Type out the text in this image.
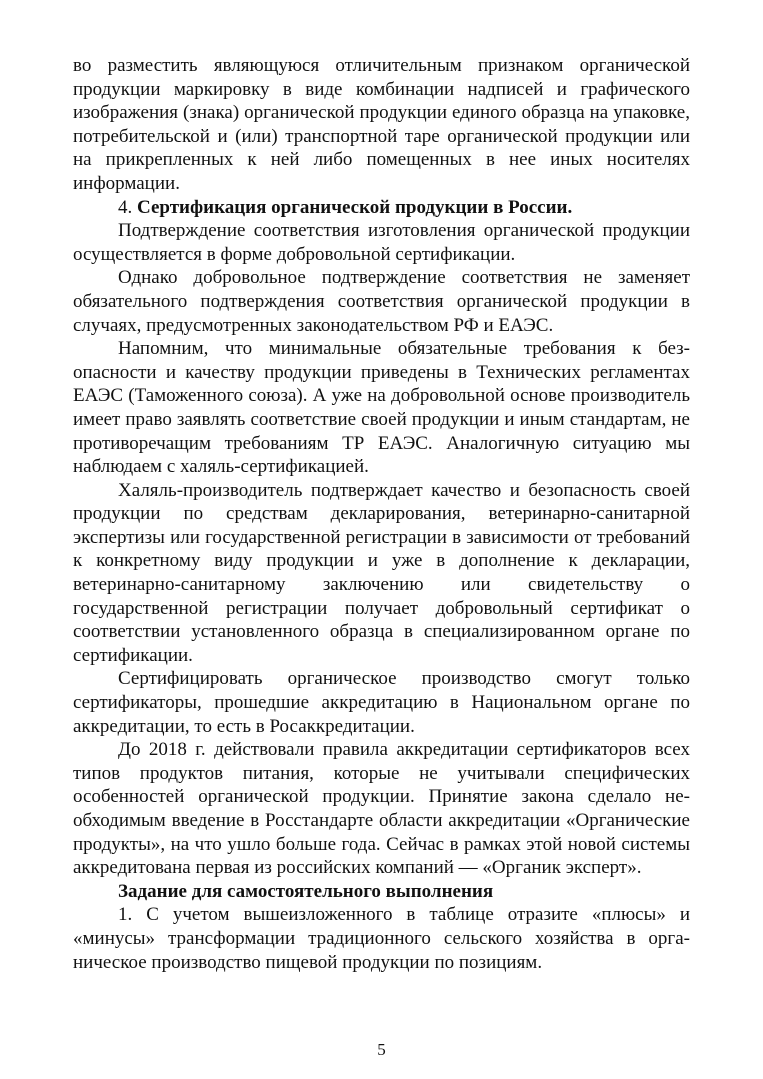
во разместить являющуюся отличительным признаком органической продукции маркировку в виде комбинации надписей и графического изображения (знака) органической продукции единого образца на упаковке, потребительской и (или) транспортной таре органической продукции или на прикрепленных к ней либо помещенных в нее иных носителях информации.

4. Сертификация органической продукции в России.

Подтверждение соответствия изготовления органической продукции осуществляется в форме добровольной сертификации.

Однако добровольное подтверждение соответствия не заменяет обязательного подтверждения соответствия органической продукции в случаях, предусмотренных законодательством РФ и ЕАЭС.

Напомним, что минимальные обязательные требования к безопасности и качеству продукции приведены в Технических регламентах ЕАЭС (Таможенного союза). А уже на добровольной основе производитель имеет право заявлять соответствие своей продукции и иным стандартам, не противоречащим требованиям ТР ЕАЭС. Аналогичную ситуацию мы наблюдаем с халяль-сертификацией.

Халяль-производитель подтверждает качество и безопасность своей продукции по средствам декларирования, ветеринарно-санитарной экспертизы или государственной регистрации в зависимости от требований к конкретному виду продукции и уже в дополнение к декларации, ветеринарно-санитарному заключению или свидетельству о государственной регистрации получает добровольный сертификат о соответствии установленного образца в специализированном органе по сертификации.

Сертифицировать органическое производство смогут только сертификаторы, прошедшие аккредитацию в Национальном органе по аккредитации, то есть в Росаккредитации.

До 2018 г. действовали правила аккредитации сертификаторов всех типов продуктов питания, которые не учитывали специфических особенностей органической продукции. Принятие закона сделало необходимым введение в Росстандарте области аккредитации «Органические продукты», на что ушло больше года. Сейчас в рамках этой новой системы аккредитована первая из российских компаний — «Органик эксперт».

Задание для самостоятельного выполнения

1. С учетом вышеизложенного в таблице отразите «плюсы» и «минусы» трансформации традиционного сельского хозяйства в органическое производство пищевой продукции по позициям.

5
